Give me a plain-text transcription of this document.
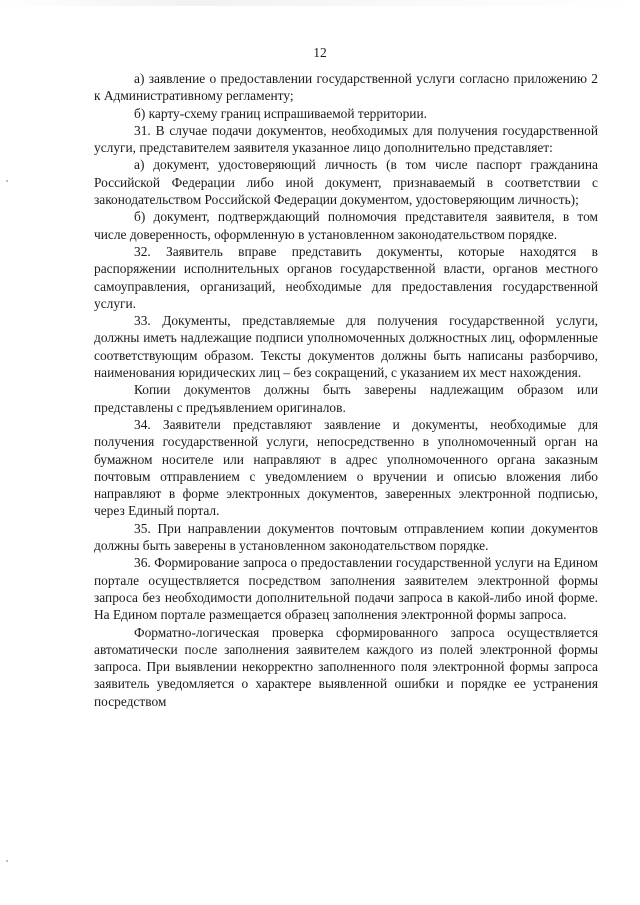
12

а) заявление о предоставлении государственной услуги согласно приложению 2 к Административному регламенту;

б) карту-схему границ испрашиваемой территории.

31. В случае подачи документов, необходимых для получения государственной услуги, представителем заявителя указанное лицо дополнительно представляет:

а) документ, удостоверяющий личность (в том числе паспорт гражданина Российской Федерации либо иной документ, признаваемый в соответствии с законодательством Российской Федерации документом, удостоверяющим личность);

б) документ, подтверждающий полномочия представителя заявителя, в том числе доверенность, оформленную в установленном законодательством порядке.

32. Заявитель вправе представить документы, которые находятся в распоряжении исполнительных органов государственной власти, органов местного самоуправления, организаций, необходимые для предоставления государственной услуги.

33. Документы, представляемые для получения государственной услуги, должны иметь надлежащие подписи уполномоченных должностных лиц, оформленные соответствующим образом. Тексты документов должны быть написаны разборчиво, наименования юридических лиц – без сокращений, с указанием их мест нахождения.

Копии документов должны быть заверены надлежащим образом или представлены с предъявлением оригиналов.

34. Заявители представляют заявление и документы, необходимые для получения государственной услуги, непосредственно в уполномоченный орган на бумажном носителе или направляют в адрес уполномоченного органа заказным почтовым отправлением с уведомлением о вручении и описью вложения либо направляют в форме электронных документов, заверенных электронной подписью, через Единый портал.

35. При направлении документов почтовым отправлением копии документов должны быть заверены в установленном законодательством порядке.

36. Формирование запроса о предоставлении государственной услуги на Едином портале осуществляется посредством заполнения заявителем электронной формы запроса без необходимости дополнительной подачи запроса в какой-либо иной форме. На Едином портале размещается образец заполнения электронной формы запроса.

Форматно-логическая проверка сформированного запроса осуществляется автоматически после заполнения заявителем каждого из полей электронной формы запроса. При выявлении некорректно заполненного поля электронной формы запроса заявитель уведомляется о характере выявленной ошибки и порядке ее устранения посредством
